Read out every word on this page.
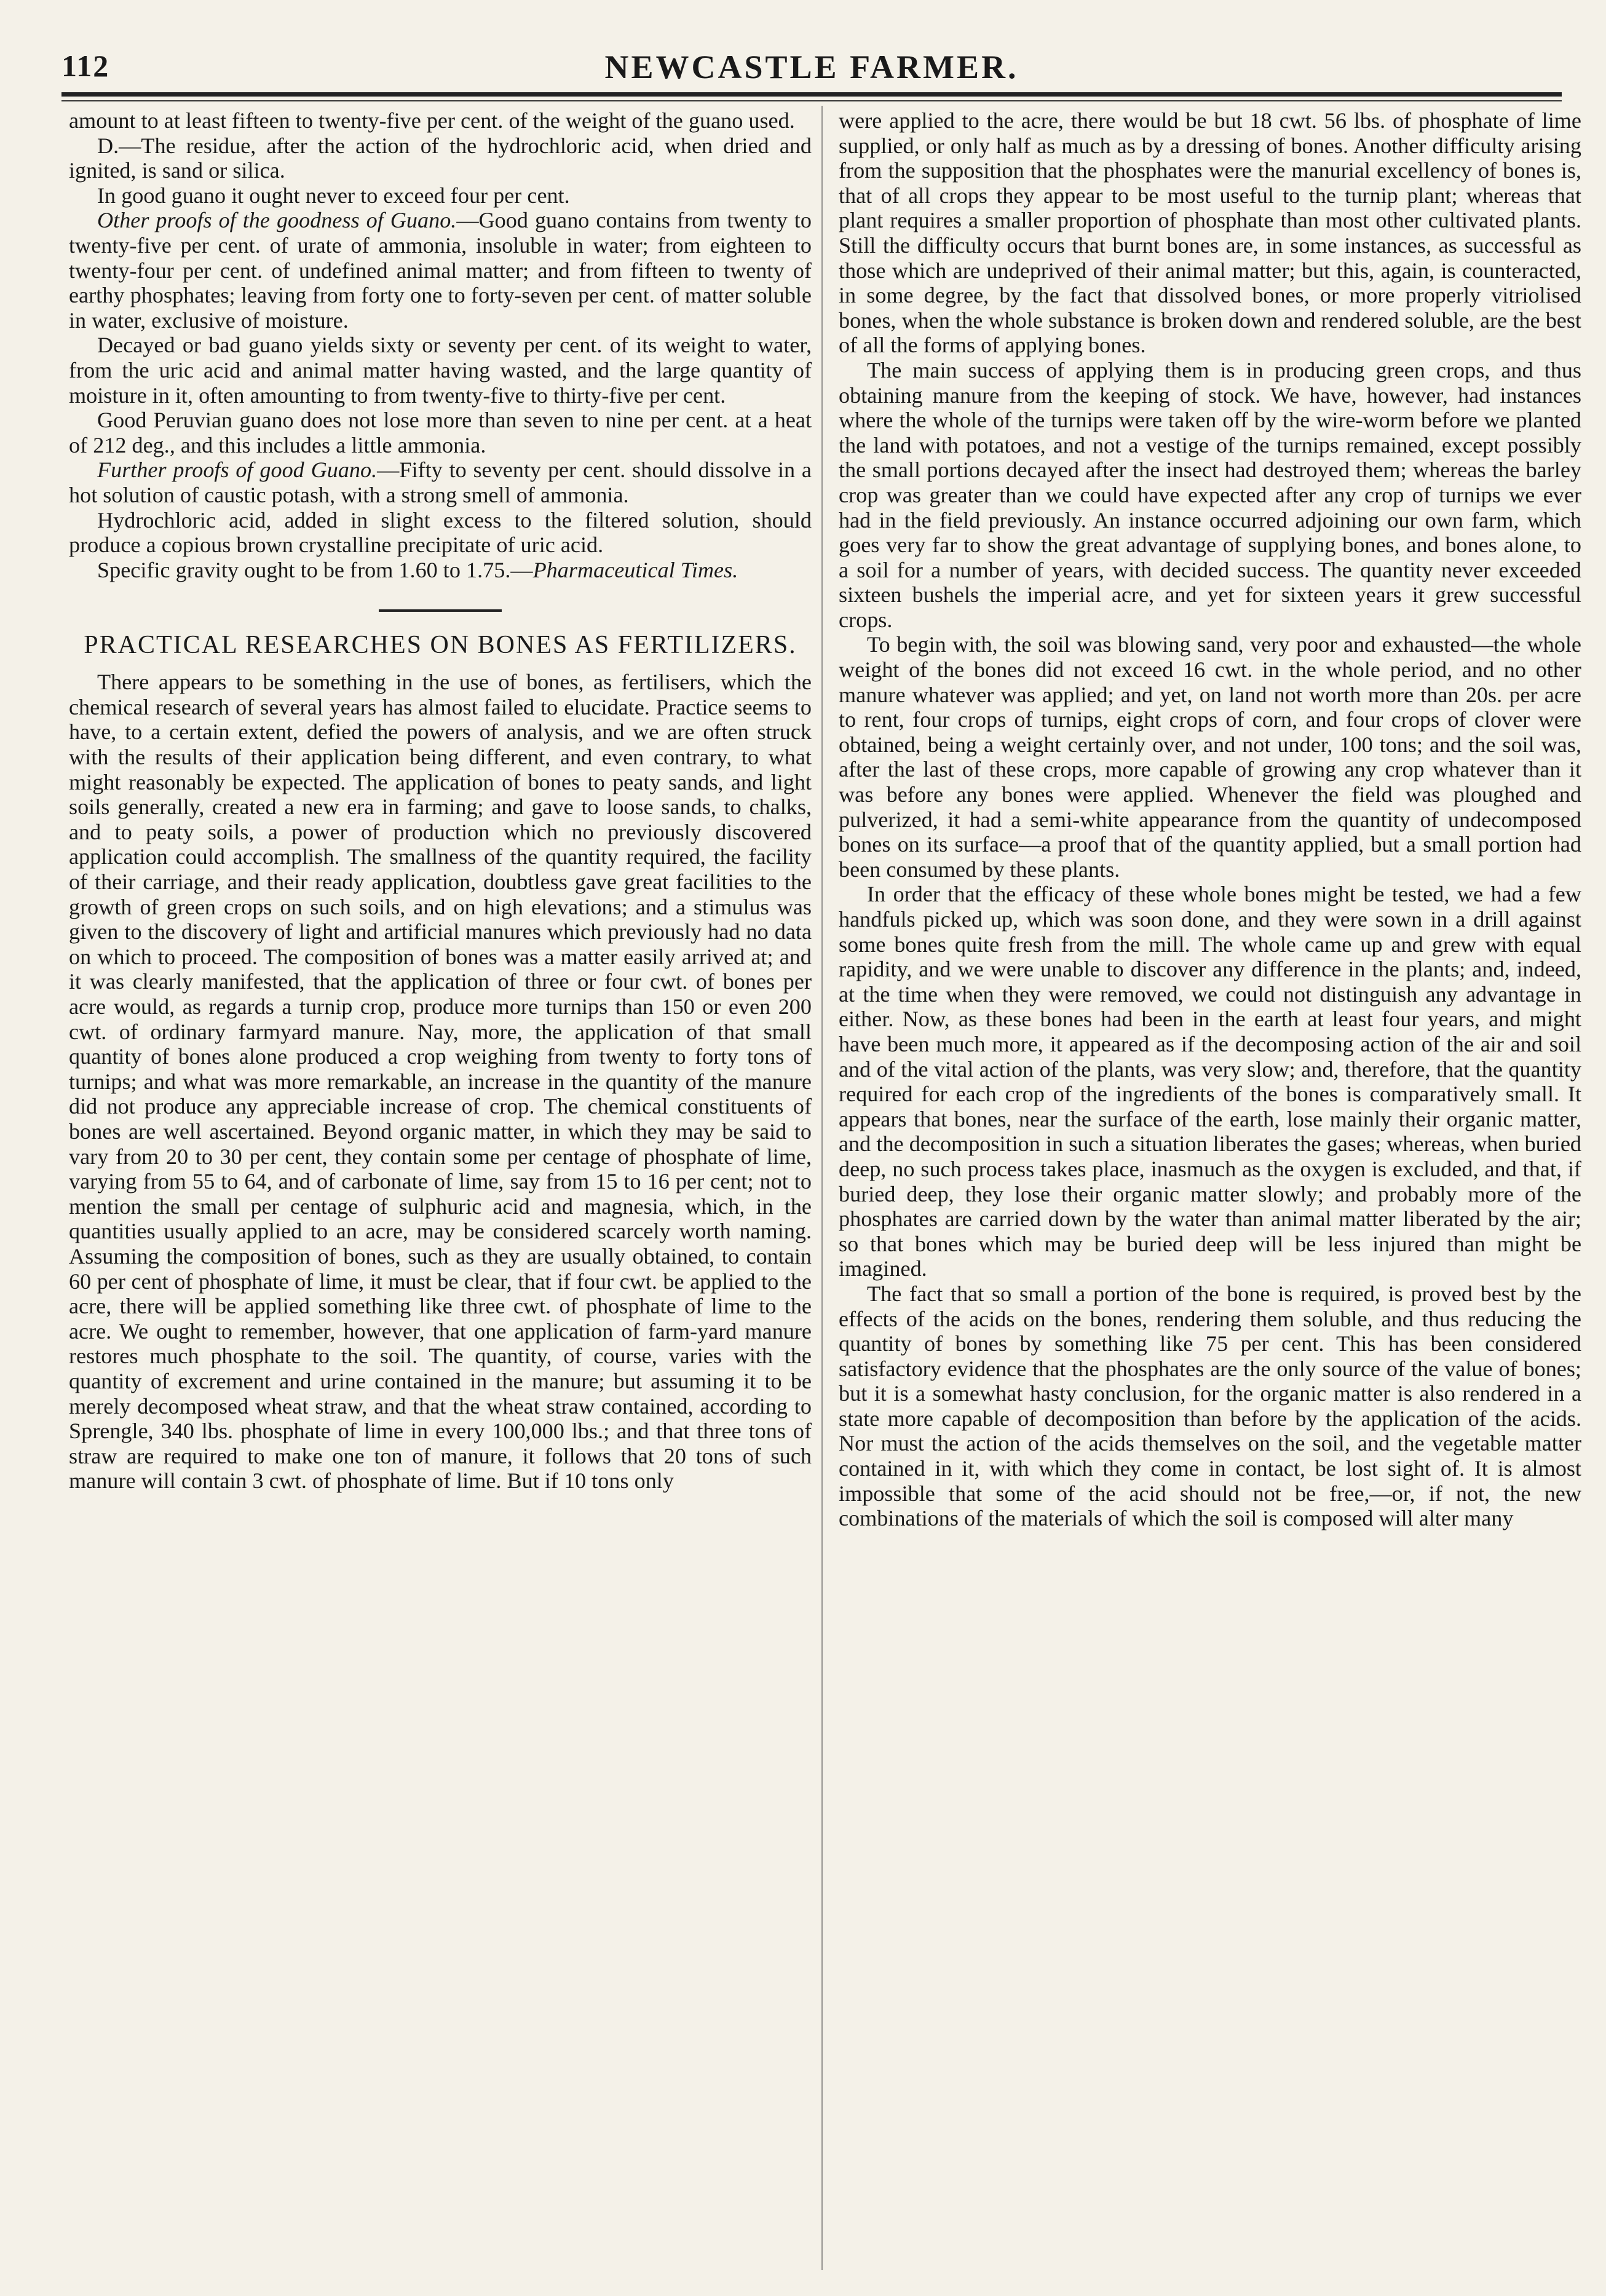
112	NEWCASTLE FARMER.

amount to at least fifteen to twenty-five per cent. of the weight of the guano used.

D.—The residue, after the action of the hydrochloric acid, when dried and ignited, is sand or silica.

In good guano it ought never to exceed four per cent.

Other proofs of the goodness of Guano.—Good guano contains from twenty to twenty-five per cent. of urate of ammonia, insoluble in water; from eighteen to twenty-four per cent. of undefined animal matter; and from fifteen to twenty of earthy phosphates; leaving from forty one to forty-seven per cent. of matter soluble in water, exclusive of moisture.

Decayed or bad guano yields sixty or seventy per cent. of its weight to water, from the uric acid and animal matter having wasted, and the large quantity of moisture in it, often amounting to from twenty-five to thirty-five per cent.

Good Peruvian guano does not lose more than seven to nine per cent. at a heat of 212 deg., and this includes a little ammonia.

Further proofs of good Guano.—Fifty to seventy per cent. should dissolve in a hot solution of caustic potash, with a strong smell of ammonia.

Hydrochloric acid, added in slight excess to the filtered solution, should produce a copious brown crystalline precipitate of uric acid.

Specific gravity ought to be from 1.60 to 1.75.—Pharmaceutical Times.

PRACTICAL RESEARCHES ON BONES AS FERTILIZERS.

There appears to be something in the use of bones, as fertilisers, which the chemical research of several years has almost failed to elucidate. Practice seems to have, to a certain extent, defied the powers of analysis, and we are often struck with the results of their application being different, and even contrary, to what might reasonably be expected. The application of bones to peaty sands, and light soils generally, created a new era in farming; and gave to loose sands, to chalks, and to peaty soils, a power of production which no previously discovered application could accomplish. The smallness of the quantity required, the facility of their carriage, and their ready application, doubtless gave great facilities to the growth of green crops on such soils, and on high elevations; and a stimulus was given to the discovery of light and artificial manures which previously had no data on which to proceed. The composition of bones was a matter easily arrived at; and it was clearly manifested, that the application of three or four cwt. of bones per acre would, as regards a turnip crop, produce more turnips than 150 or even 200 cwt. of ordinary farmyard manure. Nay, more, the application of that small quantity of bones alone produced a crop weighing from twenty to forty tons of turnips; and what was more remarkable, an increase in the quantity of the manure did not produce any appreciable increase of crop. The chemical constituents of bones are well ascertained. Beyond organic matter, in which they may be said to vary from 20 to 30 per cent, they contain some per centage of phosphate of lime, varying from 55 to 64, and of carbonate of lime, say from 15 to 16 per cent; not to mention the small per centage of sulphuric acid and magnesia, which, in the quantities usually applied to an acre, may be considered scarcely worth naming. Assuming the composition of bones, such as they are usually obtained, to contain 60 per cent of phosphate of lime, it must be clear, that if four cwt. be applied to the acre, there will be applied something like three cwt. of phosphate of lime to the acre. We ought to remember, however, that one application of farm-yard manure restores much phosphate to the soil. The quantity, of course, varies with the quantity of excrement and urine contained in the manure; but assuming it to be merely decomposed wheat straw, and that the wheat straw contained, according to Sprengle, 340 lbs. phosphate of lime in every 100,000 lbs.; and that three tons of straw are required to make one ton of manure, it follows that 20 tons of such manure will contain 3 cwt. of phosphate of lime. But if 10 tons only

were applied to the acre, there would be but 18 cwt. 56 lbs. of phosphate of lime supplied, or only half as much as by a dressing of bones. Another difficulty arising from the supposition that the phosphates were the manurial excellency of bones is, that of all crops they appear to be most useful to the turnip plant; whereas that plant requires a smaller proportion of phosphate than most other cultivated plants. Still the difficulty occurs that burnt bones are, in some instances, as successful as those which are undeprived of their animal matter; but this, again, is counteracted, in some degree, by the fact that dissolved bones, or more properly vitriolised bones, when the whole substance is broken down and rendered soluble, are the best of all the forms of applying bones.

The main success of applying them is in producing green crops, and thus obtaining manure from the keeping of stock. We have, however, had instances where the whole of the turnips were taken off by the wire-worm before we planted the land with potatoes, and not a vestige of the turnips remained, except possibly the small portions decayed after the insect had destroyed them; whereas the barley crop was greater than we could have expected after any crop of turnips we ever had in the field previously. An instance occurred adjoining our own farm, which goes very far to show the great advantage of supplying bones, and bones alone, to a soil for a number of years, with decided success. The quantity never exceeded sixteen bushels the imperial acre, and yet for sixteen years it grew successful crops.

To begin with, the soil was blowing sand, very poor and exhausted—the whole weight of the bones did not exceed 16 cwt. in the whole period, and no other manure whatever was applied; and yet, on land not worth more than 20s. per acre to rent, four crops of turnips, eight crops of corn, and four crops of clover were obtained, being a weight certainly over, and not under, 100 tons; and the soil was, after the last of these crops, more capable of growing any crop whatever than it was before any bones were applied. Whenever the field was ploughed and pulverized, it had a semi-white appearance from the quantity of undecomposed bones on its surface—a proof that of the quantity applied, but a small portion had been consumed by these plants.

In order that the efficacy of these whole bones might be tested, we had a few handfuls picked up, which was soon done, and they were sown in a drill against some bones quite fresh from the mill. The whole came up and grew with equal rapidity, and we were unable to discover any difference in the plants; and, indeed, at the time when they were removed, we could not distinguish any advantage in either. Now, as these bones had been in the earth at least four years, and might have been much more, it appeared as if the decomposing action of the air and soil and of the vital action of the plants, was very slow; and, therefore, that the quantity required for each crop of the ingredients of the bones is comparatively small. It appears that bones, near the surface of the earth, lose mainly their organic matter, and the decomposition in such a situation liberates the gases; whereas, when buried deep, no such process takes place, inasmuch as the oxygen is excluded, and that, if buried deep, they lose their organic matter slowly; and probably more of the phosphates are carried down by the water than animal matter liberated by the air; so that bones which may be buried deep will be less injured than might be imagined.

The fact that so small a portion of the bone is required, is proved best by the effects of the acids on the bones, rendering them soluble, and thus reducing the quantity of bones by something like 75 per cent. This has been considered satisfactory evidence that the phosphates are the only source of the value of bones; but it is a somewhat hasty conclusion, for the organic matter is also rendered in a state more capable of decomposition than before by the application of the acids. Nor must the action of the acids themselves on the soil, and the vegetable matter contained in it, with which they come in contact, be lost sight of. It is almost impossible that some of the acid should not be free,—or, if not, the new combinations of the materials of which the soil is composed will alter many
